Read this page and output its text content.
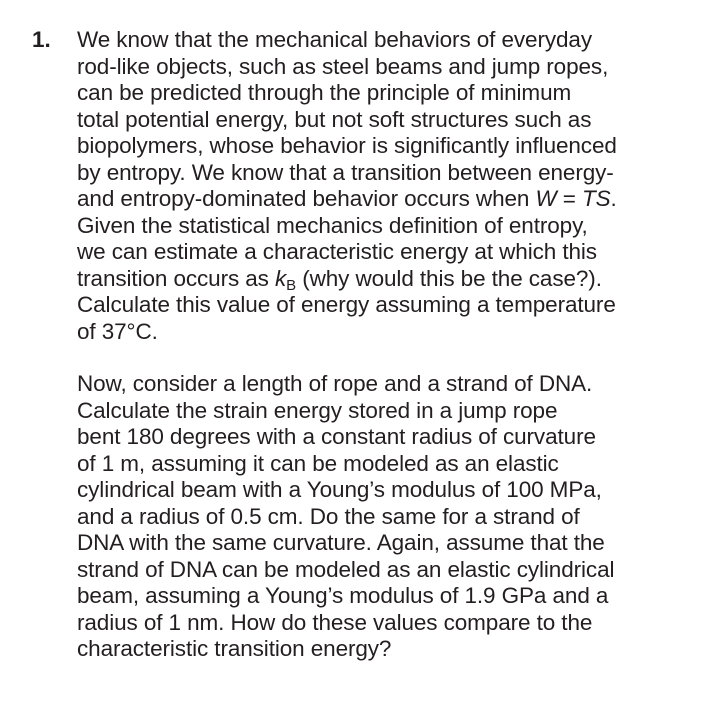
1. We know that the mechanical behaviors of everyday
rod-like objects, such as steel beams and jump ropes,
can be predicted through the principle of minimum
total potential energy, but not soft structures such as
biopolymers, whose behavior is significantly influenced
by entropy. We know that a transition between energy-
and entropy-dominated behavior occurs when W = TS.
Given the statistical mechanics definition of entropy,
we can estimate a characteristic energy at which this
transition occurs as $k_B$ (why would this be the case?).
Calculate this value of energy assuming a temperature
of 37°C.
Now, consider a length of rope and a strand of DNA.
Calculate the strain energy stored in a jump rope
bent 180 degrees with a constant radius of curvature
of 1 m, assuming it can be modeled as an elastic
cylindrical beam with a Young’s modulus of 100 MPa,
and a radius of 0.5 cm. Do the same for a strand of
DNA with the same curvature. Again, assume that the
strand of DNA can be modeled as an elastic cylindrical
beam, assuming a Young’s modulus of 1.9 GPa and a
radius of 1 nm. How do these values compare to the
characteristic transition energy?
